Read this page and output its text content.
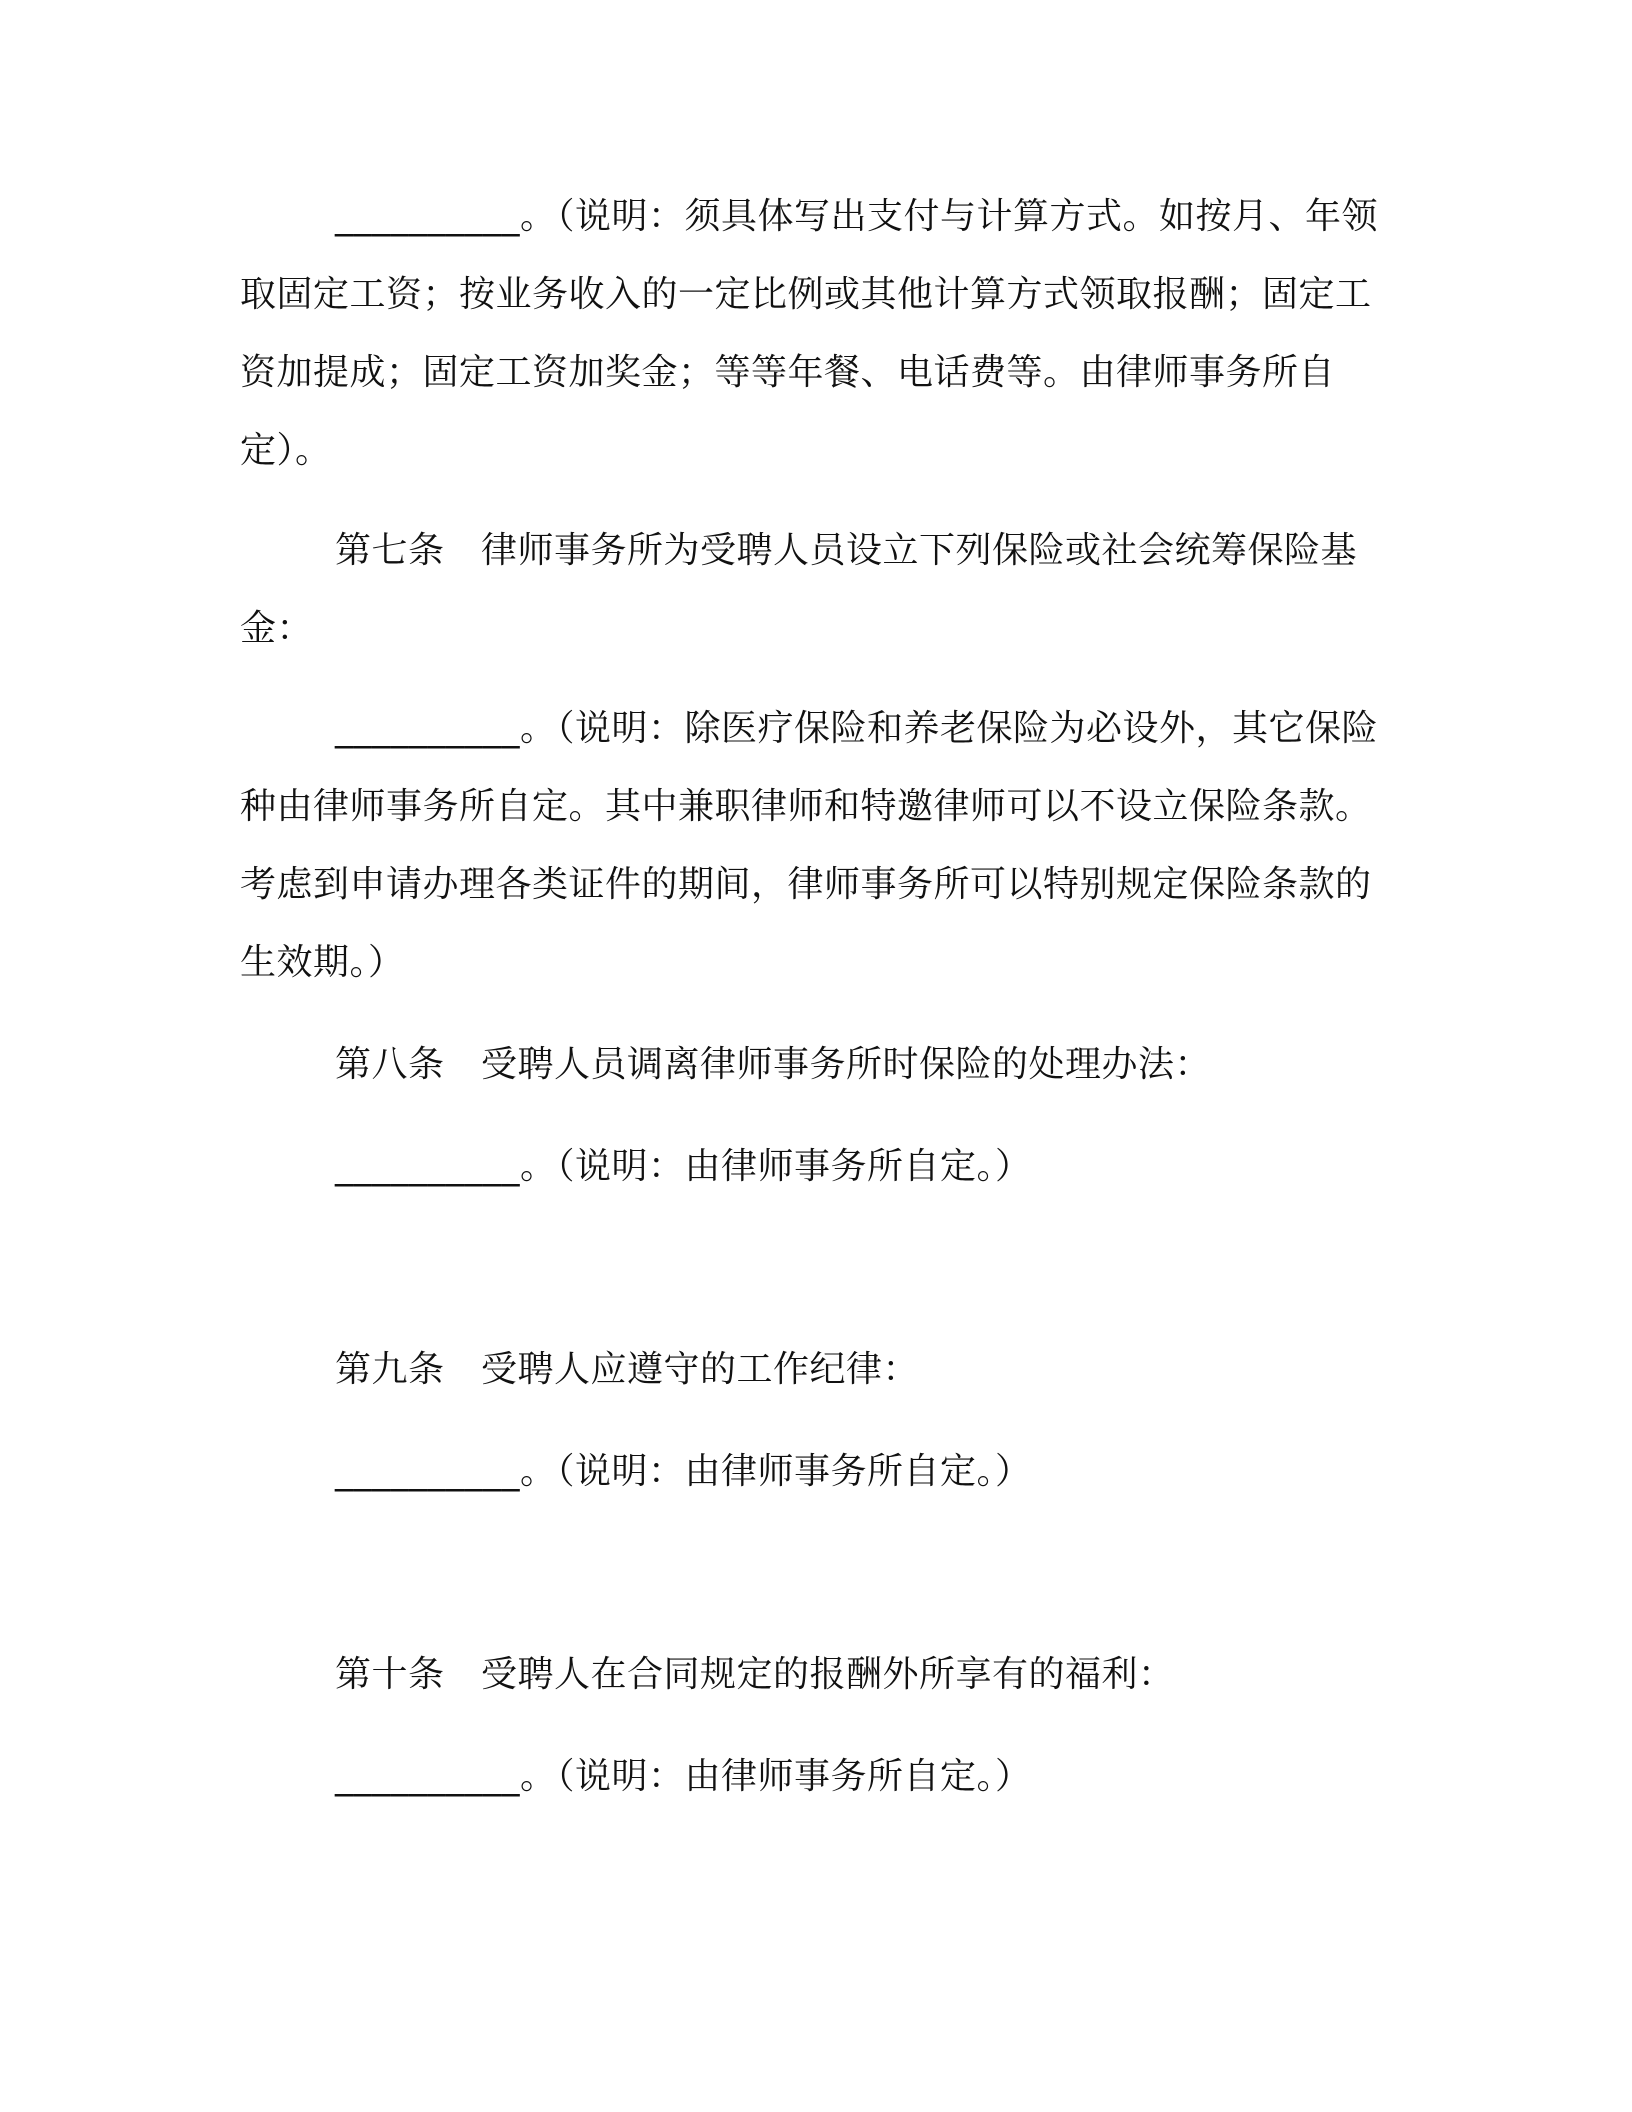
__________。（说明：须具体写出支付与计算方式。如按月、年领取固定工资；按业务收入的一定比例或其他计算方式领取报酬；固定工资加提成；固定工资加奖金；等等年餐、电话费等。由律师事务所自定）。

第七条　律师事务所为受聘人员设立下列保险或社会统筹保险基金：

__________。（说明：除医疗保险和养老保险为必设外，其它保险种由律师事务所自定。其中兼职律师和特邀律师可以不设立保险条款。考虑到申请办理各类证件的期间，律师事务所可以特别规定保险条款的生效期。）

第八条　受聘人员调离律师事务所时保险的处理办法：

__________。（说明：由律师事务所自定。）

第九条　受聘人应遵守的工作纪律：

__________。（说明：由律师事务所自定。）

第十条　受聘人在合同规定的报酬外所享有的福利：

__________。（说明：由律师事务所自定。）
